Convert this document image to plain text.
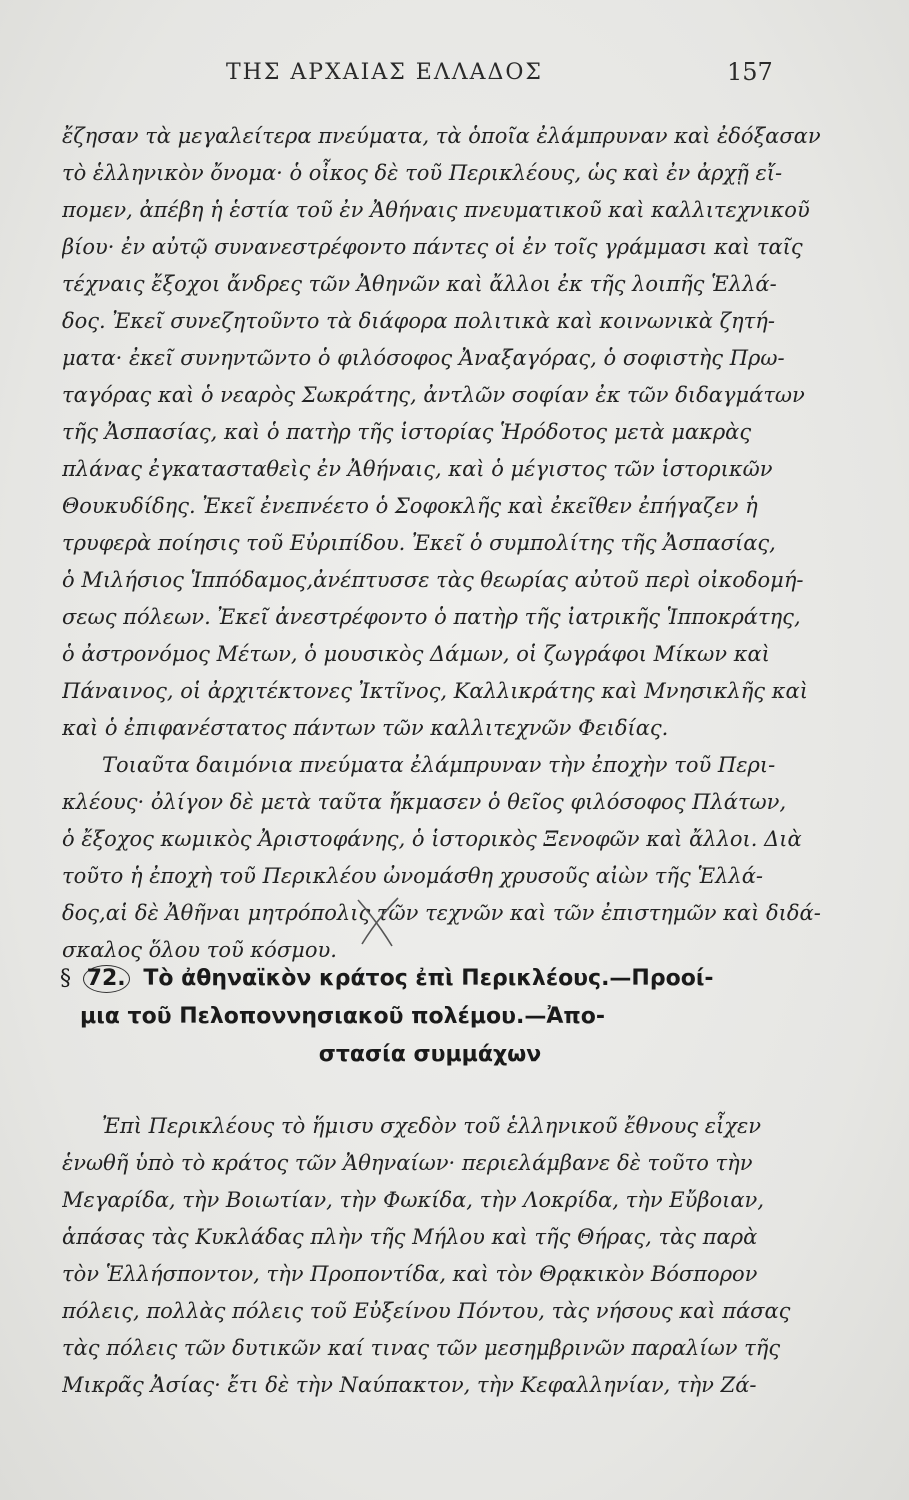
ΤΗΣ ΑΡΧΑΙΑΣ ΕΛΛΑΔΟΣ	157
ἔζησαν τὰ μεγαλείτερα πνεύματα, τὰ ὁποῖα ἐλάμπρυναν καὶ ἐδόξασαν
τὸ ἑλληνικὸν ὄνομα· ὁ οἶκος δὲ τοῦ Περικλέους, ὡς καὶ ἐν ἀρχῇ εἴ-
πομεν, ἀπέβη ἡ ἑστία τοῦ ἐν Ἀθήναις πνευματικοῦ καὶ καλλιτεχνικοῦ
βίου· ἐν αὐτῷ συνανεστρέφοντο πάντες οἱ ἐν τοῖς γράμμασι καὶ ταῖς
τέχναις ἔξοχοι ἄνδρες τῶν Ἀθηνῶν καὶ ἄλλοι ἐκ τῆς λοιπῆς Ἑλλά-
δος. Ἐκεῖ συνεζητοῦντο τὰ διάφορα πολιτικὰ καὶ κοινωνικὰ ζητή-
ματα· ἐκεῖ συνηντῶντο ὁ φιλόσοφος Ἀναξαγόρας, ὁ σοφιστὴς Πρω-
ταγόρας καὶ ὁ νεαρὸς Σωκράτης, ἀντλῶν σοφίαν ἐκ τῶν διδαγμάτων
τῆς Ἀσπασίας, καὶ ὁ πατὴρ τῆς ἱστορίας Ἡρόδοτος μετὰ μακρὰς
πλάνας ἐγκατασταθεὶς ἐν Ἀθήναις, καὶ ὁ μέγιστος τῶν ἱστορικῶν
Θουκυδίδης. Ἐκεῖ ἐνεπνέετο ὁ Σοφοκλῆς καὶ ἐκεῖθεν ἐπήγαζεν ἡ
τρυφερὰ ποίησις τοῦ Εὐριπίδου. Ἐκεῖ ὁ συμπολίτης τῆς Ἀσπασίας,
ὁ Μιλήσιος Ἱππόδαμος,ἀνέπτυσσε τὰς θεωρίας αὐτοῦ περὶ οἰκοδομή-
σεως πόλεων. Ἐκεῖ ἀνεστρέφοντο ὁ πατὴρ τῆς ἰατρικῆς Ἱπποκράτης,
ὁ ἀστρονόμος Μέτων, ὁ μουσικὸς Δάμων, οἱ ζωγράφοι Μίκων καὶ
Πάναινος, οἱ ἀρχιτέκτονες Ἰκτῖνος, Καλλικράτης καὶ Μνησικλῆς καὶ
καὶ ὁ ἐπιφανέστατος πάντων τῶν καλλιτεχνῶν Φειδίας.
Τοιαῦτα δαιμόνια πνεύματα ἐλάμπρυναν τὴν ἐποχὴν τοῦ Περι-
κλέους· ὀλίγον δὲ μετὰ ταῦτα ἤκμασεν ὁ θεῖος φιλόσοφος Πλάτων,
ὁ ἔξοχος κωμικὸς Ἀριστοφάνης, ὁ ἱστορικὸς Ξενοφῶν καὶ ἄλλοι. Διὰ
τοῦτο ἡ ἐποχὴ τοῦ Περικλέου ὠνομάσθη χρυσοῦς αἰὼν τῆς Ἑλλά-
δος,αἱ δὲ Ἀθῆναι μητρόπολις τῶν τεχνῶν καὶ τῶν ἐπιστημῶν καὶ διδά-
σκαλος ὅλου τοῦ κόσμου.
§ 72. Τὸ ἀθηναϊκὸν κράτος ἐπὶ Περικλέους.—Προοί-
μια τοῦ Πελοποννησιακοῦ πολέμου.—Ἀπο-
στασία συμμάχων
Ἐπὶ Περικλέους τὸ ἥμισυ σχεδὸν τοῦ ἑλληνικοῦ ἔθνους εἶχεν
ἑνωθῆ ὑπὸ τὸ κράτος τῶν Ἀθηναίων· περιελάμβανε δὲ τοῦτο τὴν
Μεγαρίδα, τὴν Βοιωτίαν, τὴν Φωκίδα, τὴν Λοκρίδα, τὴν Εὔβοιαν,
ἁπάσας τὰς Κυκλάδας πλὴν τῆς Μήλου καὶ τῆς Θήρας, τὰς παρὰ
τὸν Ἑλλήσποντον, τὴν Προποντίδα, καὶ τὸν Θρᾳκικὸν Βόσπορον
πόλεις, πολλὰς πόλεις τοῦ Εὐξείνου Πόντου, τὰς νήσους καὶ πάσας
τὰς πόλεις τῶν δυτικῶν καί τινας τῶν μεσημβρινῶν παραλίων τῆς
Μικρᾶς Ἀσίας· ἔτι δὲ τὴν Ναύπακτον, τὴν Κεφαλληνίαν, τὴν Ζά-
